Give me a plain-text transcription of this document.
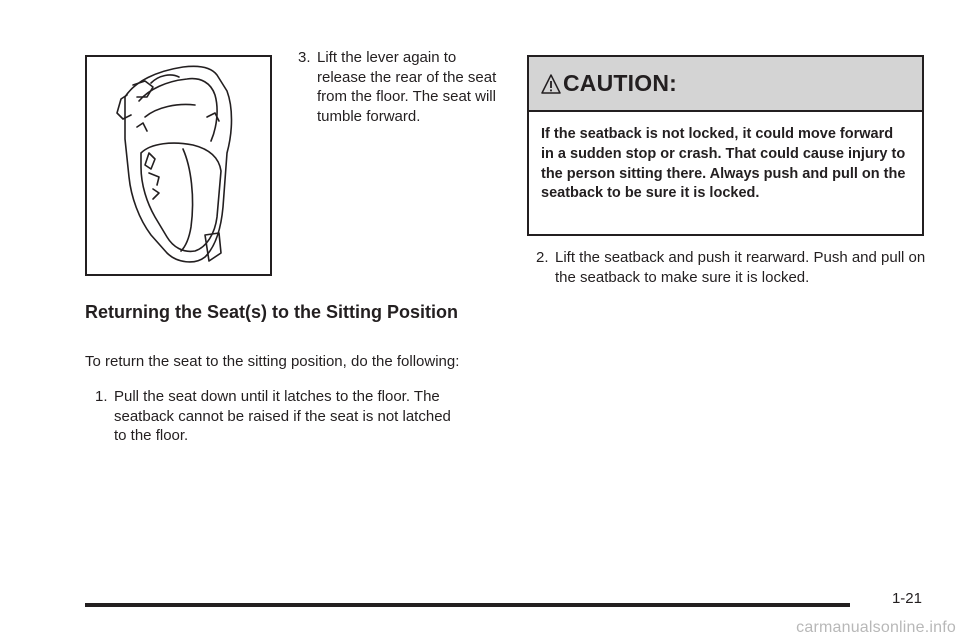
3. Lift the lever again to release the rear of the seat from the floor. The seat will tumble forward.

Returning the Seat(s) to the Sitting Position

To return the seat to the sitting position, do the following:

1. Pull the seat down until it latches to the floor. The seatback cannot be raised if the seat is not latched to the floor.

CAUTION:

If the seatback is not locked, it could move forward in a sudden stop or crash. That could cause injury to the person sitting there. Always push and pull on the seatback to be sure it is locked.

2. Lift the seatback and push it rearward. Push and pull on the seatback to make sure it is locked.

1-21
carmanualsonline.info
